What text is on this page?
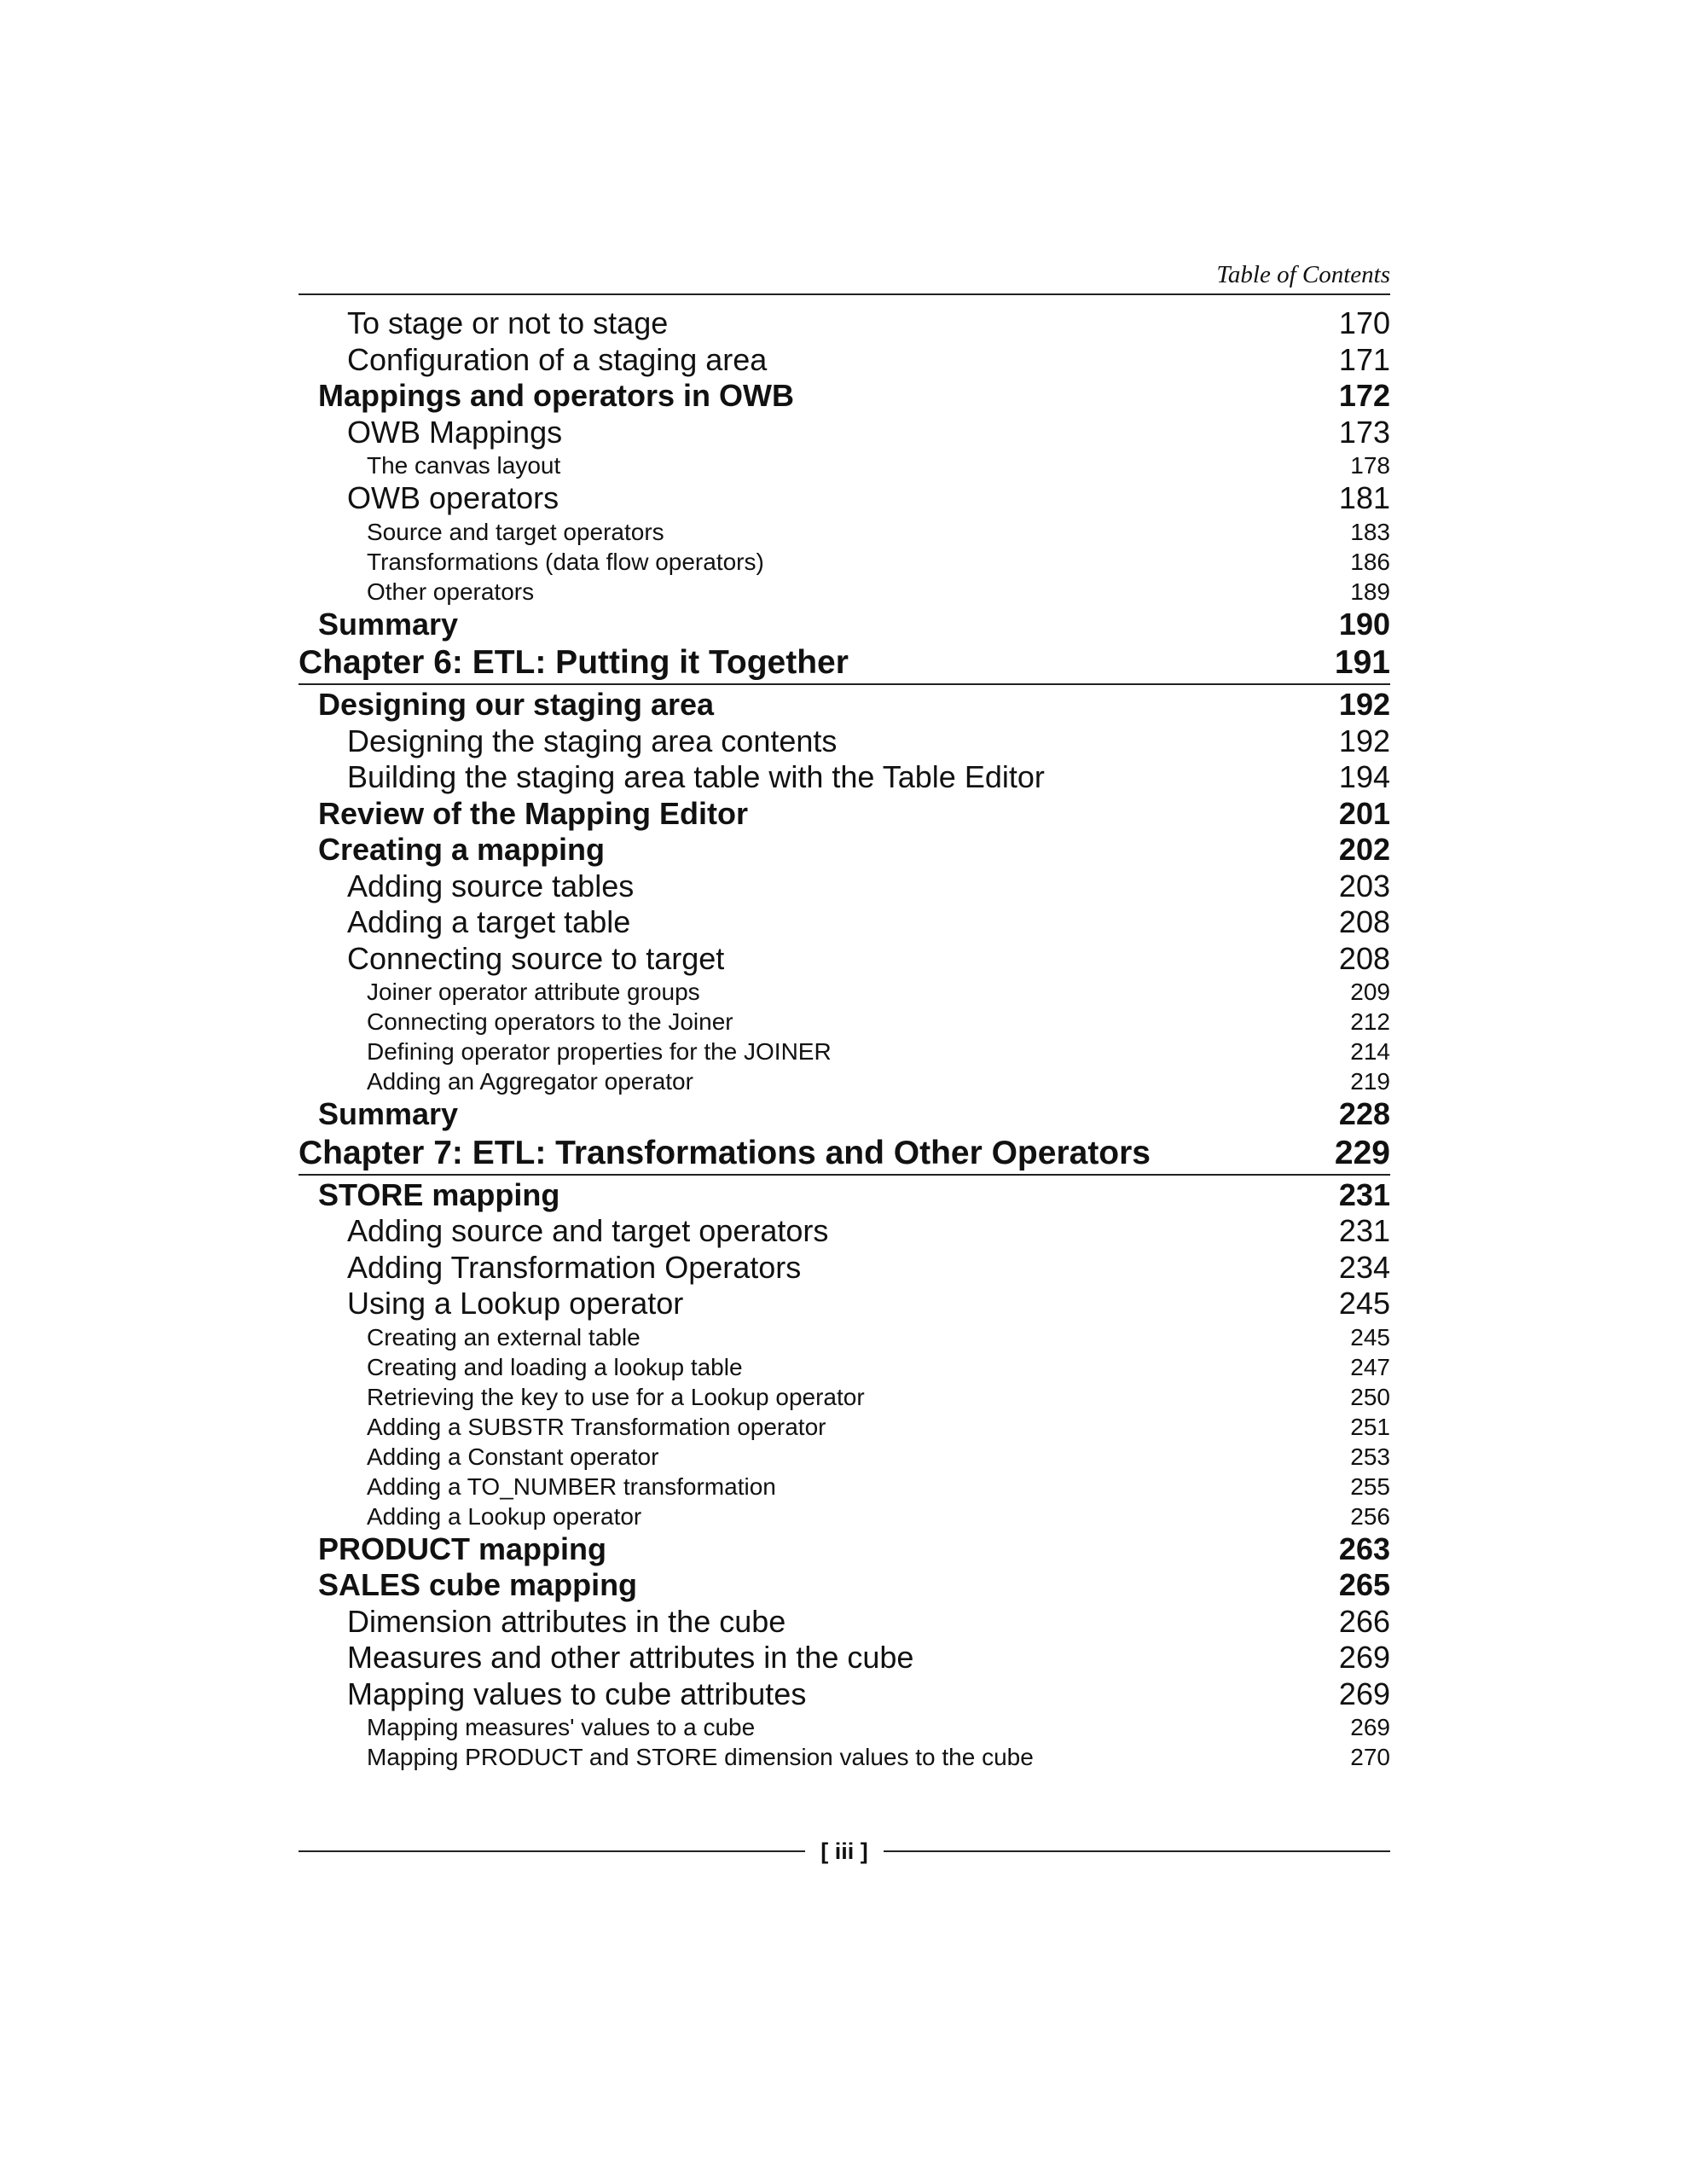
Table of Contents
To stage or not to stage	170
Configuration of a staging area	171
Mappings and operators in OWB	172
OWB Mappings	173
The canvas layout	178
OWB operators	181
Source and target operators	183
Transformations (data flow operators)	186
Other operators	189
Summary	190
Chapter 6: ETL: Putting it Together	191
Designing our staging area	192
Designing the staging area contents	192
Building the staging area table with the Table Editor	194
Review of the Mapping Editor	201
Creating a mapping	202
Adding source tables	203
Adding a target table	208
Connecting source to target	208
Joiner operator attribute groups	209
Connecting operators to the Joiner	212
Defining operator properties for the JOINER	214
Adding an Aggregator operator	219
Summary	228
Chapter 7: ETL: Transformations and Other Operators	229
STORE mapping	231
Adding source and target operators	231
Adding Transformation Operators	234
Using a Lookup operator	245
Creating an external table	245
Creating and loading a lookup table	247
Retrieving the key to use for a Lookup operator	250
Adding a SUBSTR Transformation operator	251
Adding a Constant operator	253
Adding a TO_NUMBER transformation	255
Adding a Lookup operator	256
PRODUCT mapping	263
SALES cube mapping	265
Dimension attributes in the cube	266
Measures and other attributes in the cube	269
Mapping values to cube attributes	269
Mapping measures' values to a cube	269
Mapping PRODUCT and STORE dimension values to the cube	270
[ iii ]
